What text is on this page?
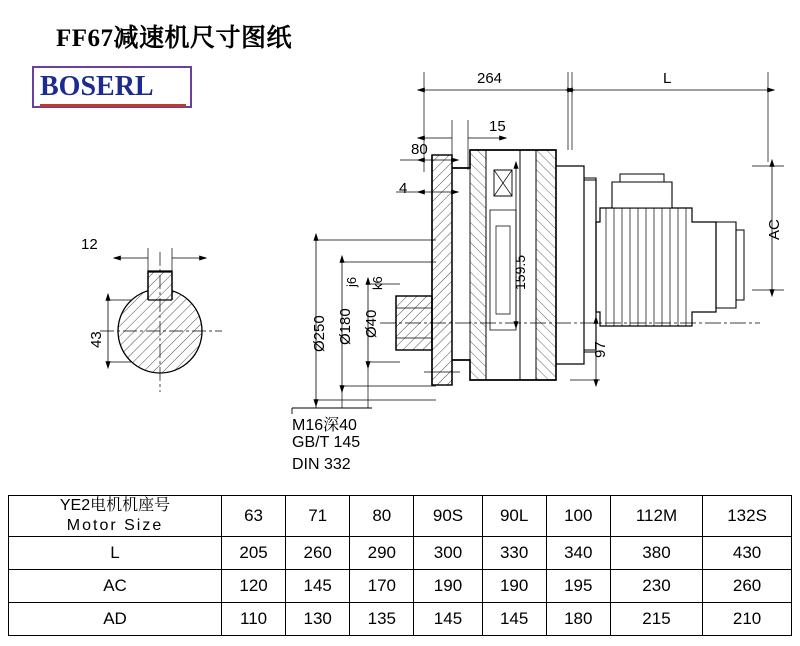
FF67减速机尺寸图纸
BOSERL
12
43
264	L
15
80
4
AC
159.5
97
Ø250 Ø180
j6
Ø40
k6
M16深40
GB/T 145
DIN 332
YE2电机机座号
Motor Size	63	71	80	90S	90L	100	112M	132S
L	205	260	290	300	330	340	380	430
AC	120	145	170	190	190	195	230	260
AD	110	130	135	145	145	180	215	210
